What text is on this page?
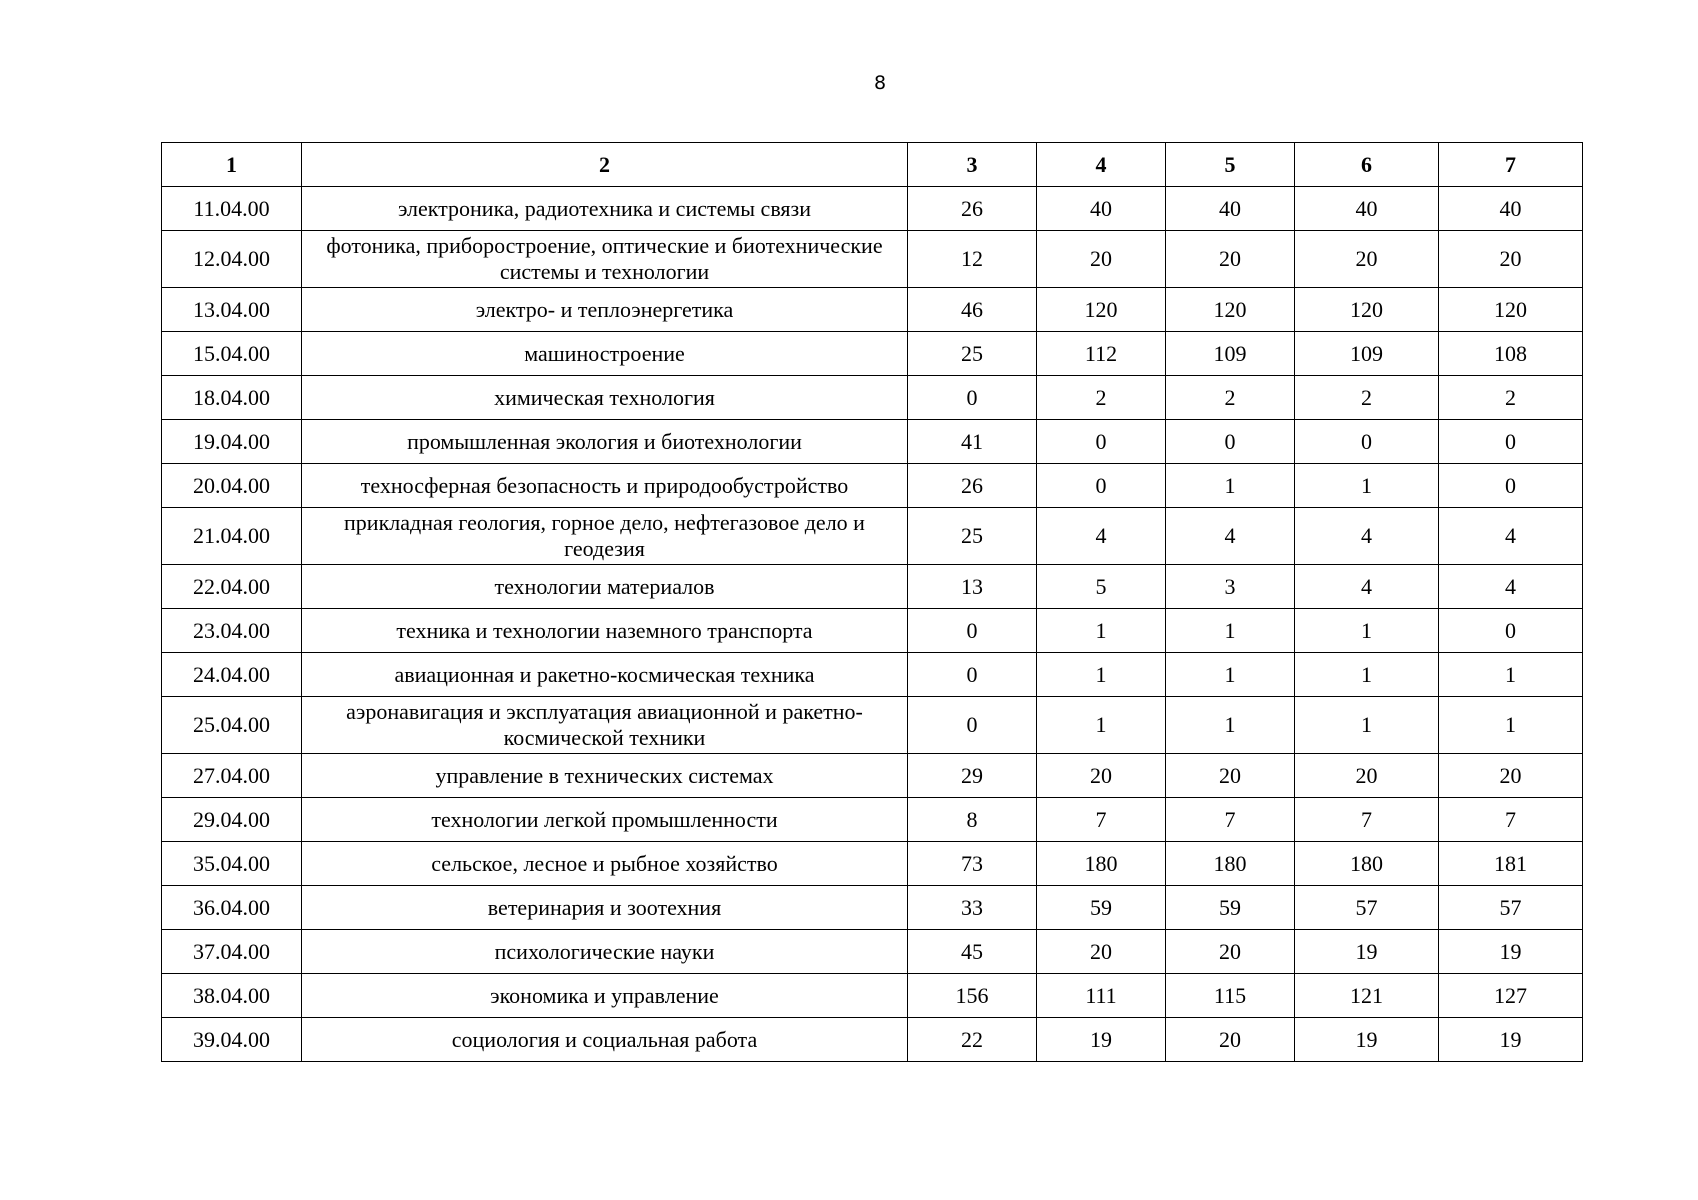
8
1	2	3	4	5	6	7
11.04.00	электроника, радиотехника и системы связи	26	40	40	40	40
12.04.00	фотоника, приборостроение, оптические и биотехнические системы и технологии	12	20	20	20	20
13.04.00	электро- и теплоэнергетика	46	120	120	120	120
15.04.00	машиностроение	25	112	109	109	108
18.04.00	химическая технология	0	2	2	2	2
19.04.00	промышленная экология и биотехнологии	41	0	0	0	0
20.04.00	техносферная безопасность и природообустройство	26	0	1	1	0
21.04.00	прикладная геология, горное дело, нефтегазовое дело и геодезия	25	4	4	4	4
22.04.00	технологии материалов	13	5	3	4	4
23.04.00	техника и технологии наземного транспорта	0	1	1	1	0
24.04.00	авиационная и ракетно-космическая техника	0	1	1	1	1
25.04.00	аэронавигация и эксплуатация авиационной и ракетно-космической техники	0	1	1	1	1
27.04.00	управление в технических системах	29	20	20	20	20
29.04.00	технологии легкой промышленности	8	7	7	7	7
35.04.00	сельское, лесное и рыбное хозяйство	73	180	180	180	181
36.04.00	ветеринария и зоотехния	33	59	59	57	57
37.04.00	психологические науки	45	20	20	19	19
38.04.00	экономика и управление	156	111	115	121	127
39.04.00	социология и социальная работа	22	19	20	19	19
